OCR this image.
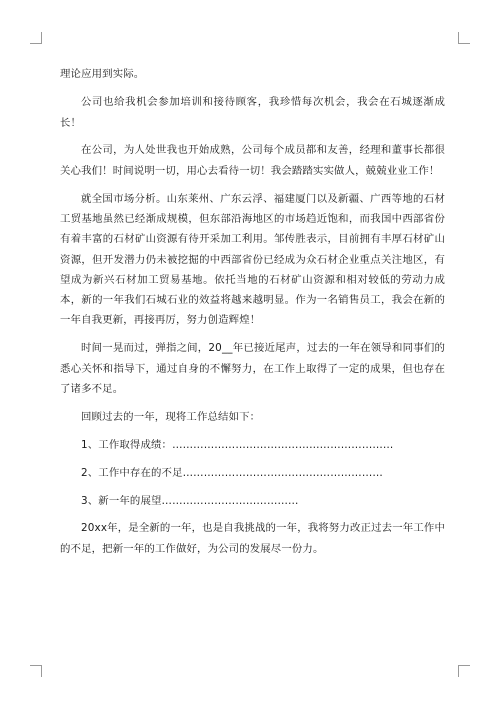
理论应用到实际。

公司也给我机会参加培训和接待顾客，我珍惜每次机会，我会在石城逐渐成长！

在公司，为人处世我也开始成熟，公司每个成员都和友善，经理和董事长都很关心我们！时间说明一切，用心去看待一切！我会踏踏实实做人，兢兢业业工作！

就全国市场分析。山东莱州、广东云浮、福建厦门以及新疆、广西等地的石材工贸基地虽然已经渐成规模，但东部沿海地区的市场趋近饱和，而我国中西部省份有着丰富的石材矿山资源有待开采加工利用。邹传胜表示，目前拥有丰厚石材矿山资源，但开发潜力仍未被挖掘的中西部省份已经成为众石材企业重点关注地区，有望成为新兴石材加工贸易基地。依托当地的石材矿山资源和相对较低的劳动力成本，新的一年我们石城石业的效益将越来越明显。作为一名销售员工，我会在新的一年自我更新，再接再厉，努力创造辉煌！

时间一晃而过，弹指之间，20__年已接近尾声，过去的一年在领导和同事们的悉心关怀和指导下，通过自身的不懈努力，在工作上取得了一定的成果，但也存在了诸多不足。

回顾过去的一年，现将工作总结如下：

1、工作取得成绩：………………………………………………………

2、工作中存在的不足…………………………………………………

3、新一年的展望…………………………………

20xx年，是全新的一年，也是自我挑战的一年，我将努力改正过去一年工作中的不足，把新一年的工作做好，为公司的发展尽一份力。
